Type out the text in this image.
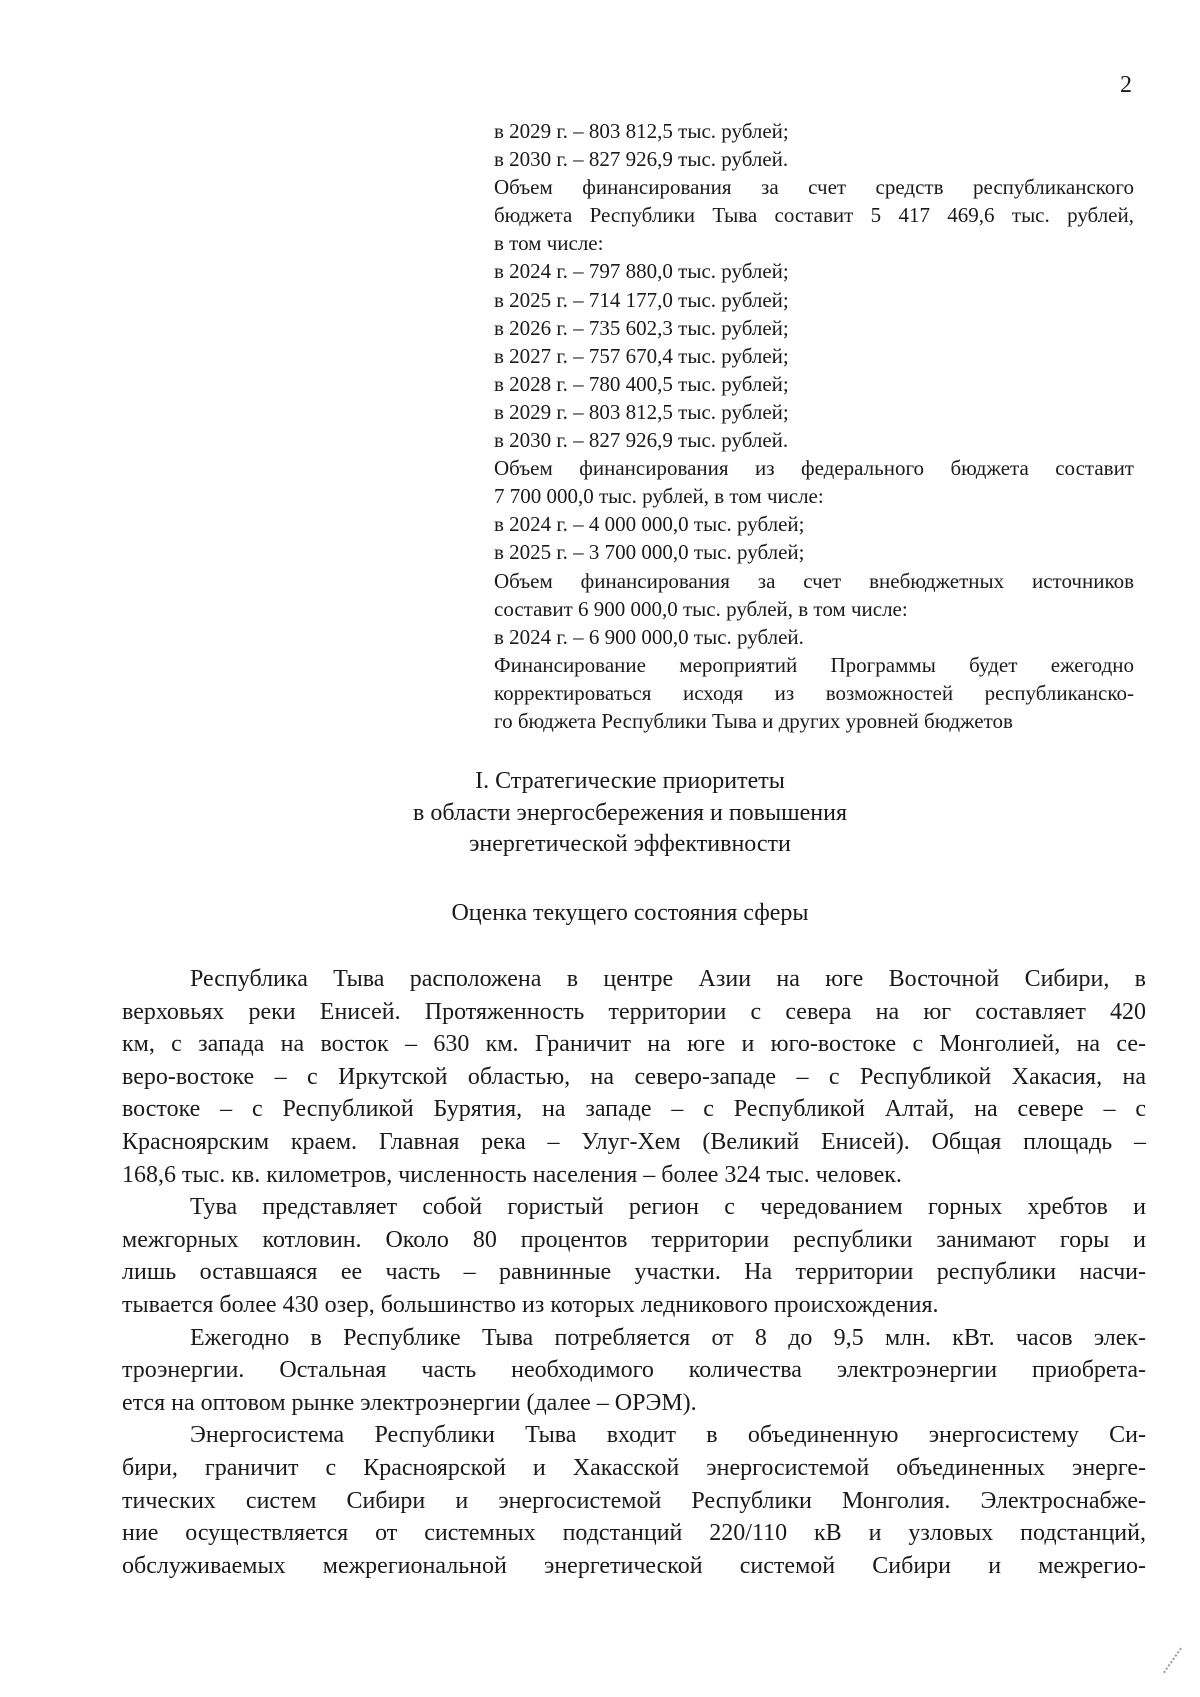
2
в 2029 г. – 803 812,5 тыс. рублей;
в 2030 г. – 827 926,9 тыс. рублей.
Объем финансирования за счет средств республиканского
бюджета Республики Тыва составит 5 417 469,6 тыс. рублей,
в том числе:
в 2024 г. – 797 880,0 тыс. рублей;
в 2025 г. – 714 177,0 тыс. рублей;
в 2026 г. – 735 602,3 тыс. рублей;
в 2027 г. – 757 670,4 тыс. рублей;
в 2028 г. – 780 400,5 тыс. рублей;
в 2029 г. – 803 812,5 тыс. рублей;
в 2030 г. – 827 926,9 тыс. рублей.
Объем финансирования из федерального бюджета составит
7 700 000,0 тыс. рублей, в том числе:
в 2024 г. – 4 000 000,0 тыс. рублей;
в 2025 г. – 3 700 000,0 тыс. рублей;
Объем финансирования за счет внебюджетных источников
составит 6 900 000,0 тыс. рублей, в том числе:
в 2024 г. – 6 900 000,0 тыс. рублей.
Финансирование мероприятий Программы будет ежегодно
корректироваться исходя из возможностей республиканско-
го бюджета Республики Тыва и других уровней бюджетов
I. Стратегические приоритеты
в области энергосбережения и повышения
энергетической эффективности
Оценка текущего состояния сферы
Республика Тыва расположена в центре Азии на юге Восточной Сибири, в
верховьях реки Енисей. Протяженность территории с севера на юг составляет 420
км, с запада на восток – 630 км. Граничит на юге и юго-востоке с Монголией, на се-
веро-востоке – с Иркутской областью, на северо-западе – с Республикой Хакасия, на
востоке – с Республикой Бурятия, на западе – с Республикой Алтай, на севере – с
Красноярским краем. Главная река – Улуг-Хем (Великий Енисей). Общая площадь –
168,6 тыс. кв. километров, численность населения – более 324 тыс. человек.
Тува представляет собой гористый регион с чередованием горных хребтов и
межгорных котловин. Около 80 процентов территории республики занимают горы и
лишь оставшаяся ее часть – равнинные участки. На территории республики насчи-
тывается более 430 озер, большинство из которых ледникового происхождения.
Ежегодно в Республике Тыва потребляется от 8 до 9,5 млн. кВт. часов элек-
троэнергии. Остальная часть необходимого количества электроэнергии приобрета-
ется на оптовом рынке электроэнергии (далее – ОРЭМ).
Энергосистема Республики Тыва входит в объединенную энергосистему Си-
бири, граничит с Красноярской и Хакасской энергосистемой объединенных энерге-
тических систем Сибири и энергосистемой Республики Монголия. Электроснабже-
ние осуществляется от системных подстанций 220/110 кВ и узловых подстанций,
обслуживаемых межрегиональной энергетической системой Сибири и межрегио-
